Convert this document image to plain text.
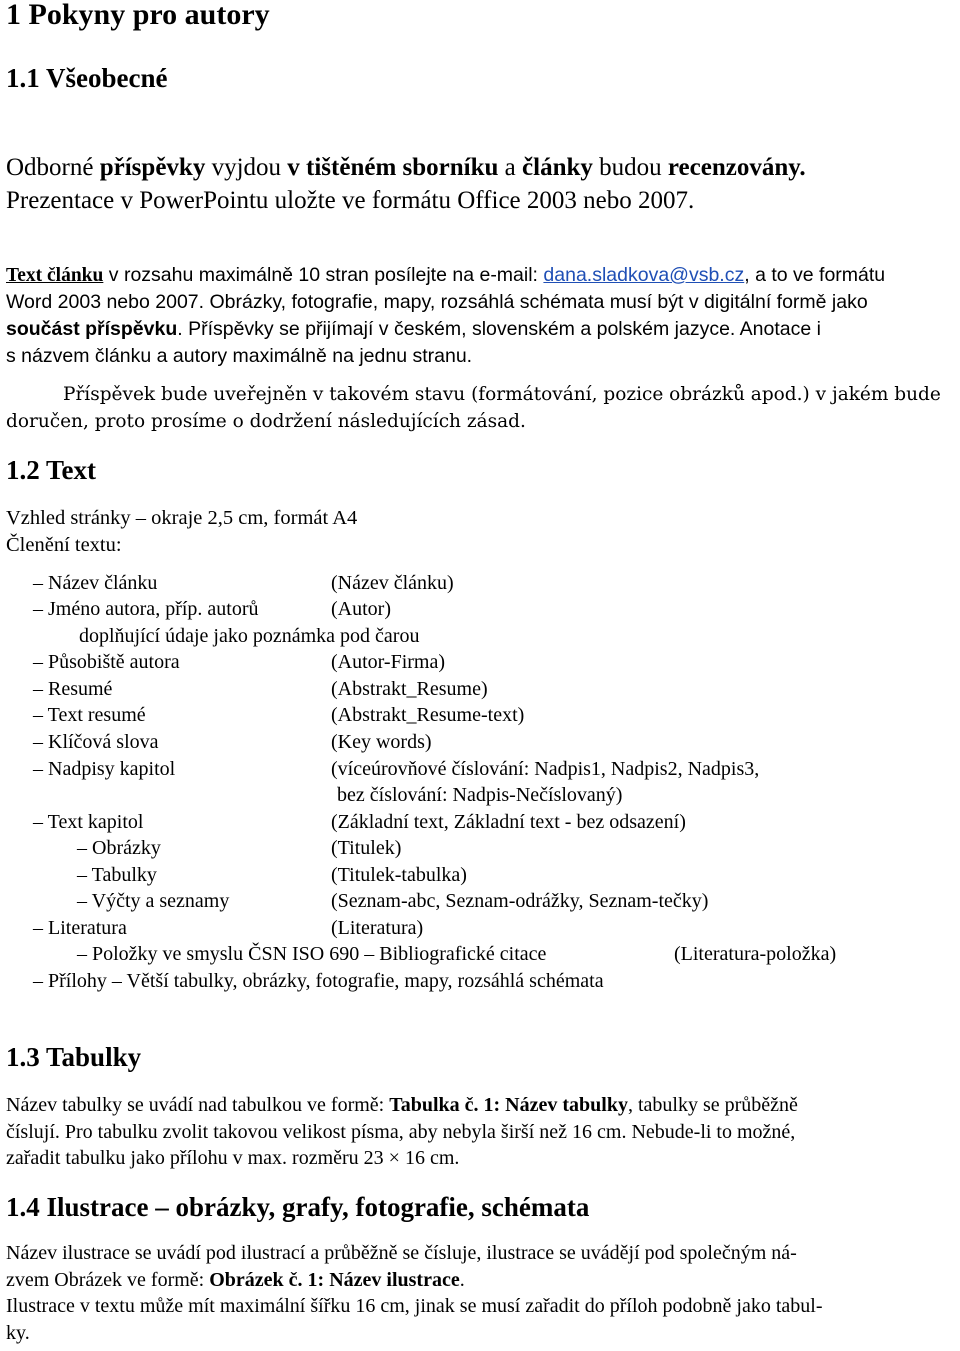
1 Pokyny pro autory
1.1 Všeobecné
Odborné příspěvky vyjdou v tištěném sborníku a články budou recenzovány.
Prezentace v PowerPointu uložte ve formátu Office 2003 nebo 2007.
Text článku v rozsahu maximálně 10 stran posílejte na e-mail: dana.sladkova@vsb.cz, a to ve formátu
Word 2003 nebo 2007. Obrázky, fotografie, mapy, rozsáhlá schémata musí být v digitální formě jako
součást příspěvku. Příspěvky se přijímají v českém, slovenském a polském jazyce. Anotace i
s názvem článku a autory maximálně na jednu stranu.
Příspěvek bude uveřejněn v takovém stavu (formátování, pozice obrázků apod.) v jakém bude
doručen, proto prosíme o dodržení následujících zásad.
1.2 Text
Vzhled stránky – okraje 2,5 cm, formát A4
Členění textu:
– Název článku	(Název článku)
– Jméno autora, příp. autorů	(Autor)
doplňující údaje jako poznámka pod čarou
– Působiště autora	(Autor-Firma)
– Resumé	(Abstrakt_Resume)
– Text resumé	(Abstrakt_Resume-text)
– Klíčová slova	(Key words)
– Nadpisy kapitol	(víceúrovňové číslování: Nadpis1, Nadpis2, Nadpis3,
bez číslování: Nadpis-Nečíslovaný)
– Text kapitol	(Základní text, Základní text - bez odsazení)
– Obrázky	(Titulek)
– Tabulky	(Titulek-tabulka)
– Výčty a seznamy	(Seznam-abc, Seznam-odrážky, Seznam-tečky)
– Literatura	(Literatura)
– Položky ve smyslu ČSN ISO 690 – Bibliografické citace	(Literatura-položka)
– Přílohy – Větší tabulky, obrázky, fotografie, mapy, rozsáhlá schémata
1.3 Tabulky
Název tabulky se uvádí nad tabulkou ve formě: Tabulka č. 1: Název tabulky, tabulky se průběžně
číslují. Pro tabulku zvolit takovou velikost písma, aby nebyla širší než 16 cm. Nebude-li to možné,
zařadit tabulku jako přílohu v max. rozměru 23 × 16 cm.
1.4 Ilustrace – obrázky, grafy, fotografie, schémata
Název ilustrace se uvádí pod ilustrací a průběžně se čísluje, ilustrace se uvádějí pod společným ná-
zvem Obrázek ve formě: Obrázek č. 1: Název ilustrace.
Ilustrace v textu může mít maximální šířku 16 cm, jinak se musí zařadit do příloh podobně jako tabul-
ky.
